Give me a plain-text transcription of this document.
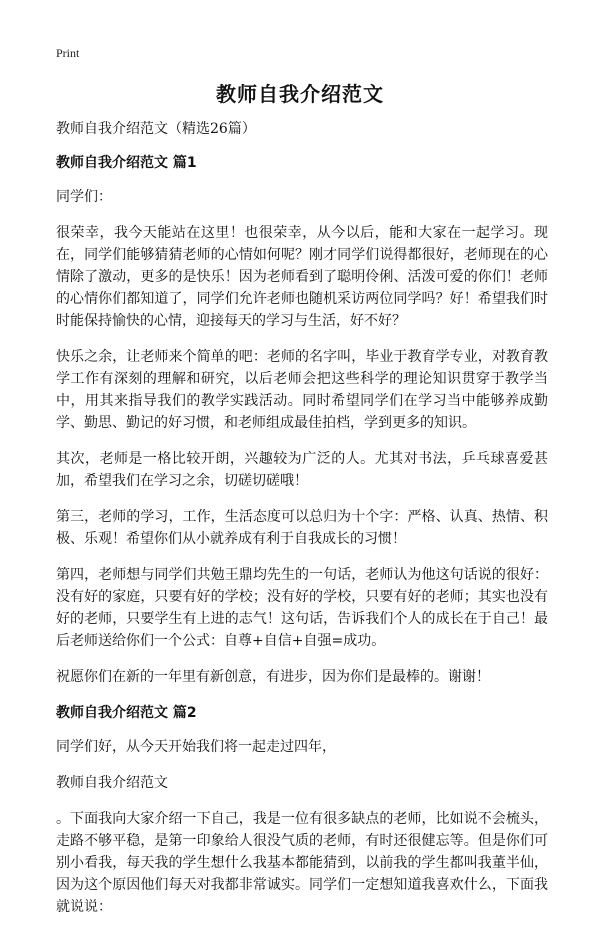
Print
教师自我介绍范文

教师自我介绍范文（精选26篇）

教师自我介绍范文 篇1

同学们：

很荣幸，我今天能站在这里！也很荣幸，从今以后，能和大家在一起学习。现在，同学们能够猜猜老师的心情如何呢？刚才同学们说得都很好，老师现在的心情除了激动，更多的是快乐！因为老师看到了聪明伶俐、活泼可爱的你们！老师的心情你们都知道了，同学们允许老师也随机采访两位同学吗？好！希望我们时时能保持愉快的心情，迎接每天的学习与生活，好不好？

快乐之余，让老师来个简单的吧：老师的名字叫，毕业于教育学专业，对教育教学工作有深刻的理解和研究，以后老师会把这些科学的理论知识贯穿于教学当中，用其来指导我们的教学实践活动。同时希望同学们在学习当中能够养成勤学、勤思、勤记的好习惯，和老师组成最佳拍档，学到更多的知识。

其次，老师是一格比较开朗，兴趣较为广泛的人。尤其对书法，乒乓球喜爱甚加，希望我们在学习之余，切磋切磋哦！

第三，老师的学习，工作，生活态度可以总归为十个字：严格、认真、热情、积极、乐观！希望你们从小就养成有利于自我成长的习惯！

第四，老师想与同学们共勉王鼎均先生的一句话，老师认为他这句话说的很好：没有好的家庭，只要有好的学校；没有好的学校，只要有好的老师；其实也没有好的老师，只要学生有上进的志气！这句话，告诉我们个人的成长在于自己！最后老师送给你们一个公式：自尊+自信+自强=成功。

祝愿你们在新的一年里有新创意，有进步，因为你们是最棒的。谢谢！

教师自我介绍范文 篇2

同学们好，从今天开始我们将一起走过四年，

教师自我介绍范文

。下面我向大家介绍一下自己，我是一位有很多缺点的老师，比如说不会梳头，走路不够平稳，是第一印象给人很没气质的老师，有时还很健忘等。但是你们可别小看我，每天我的学生想什么我基本都能猜到，以前我的学生都叫我董半仙，因为这个原因他们每天对我都非常诚实。同学们一定想知道我喜欢什么，下面我就说说：
